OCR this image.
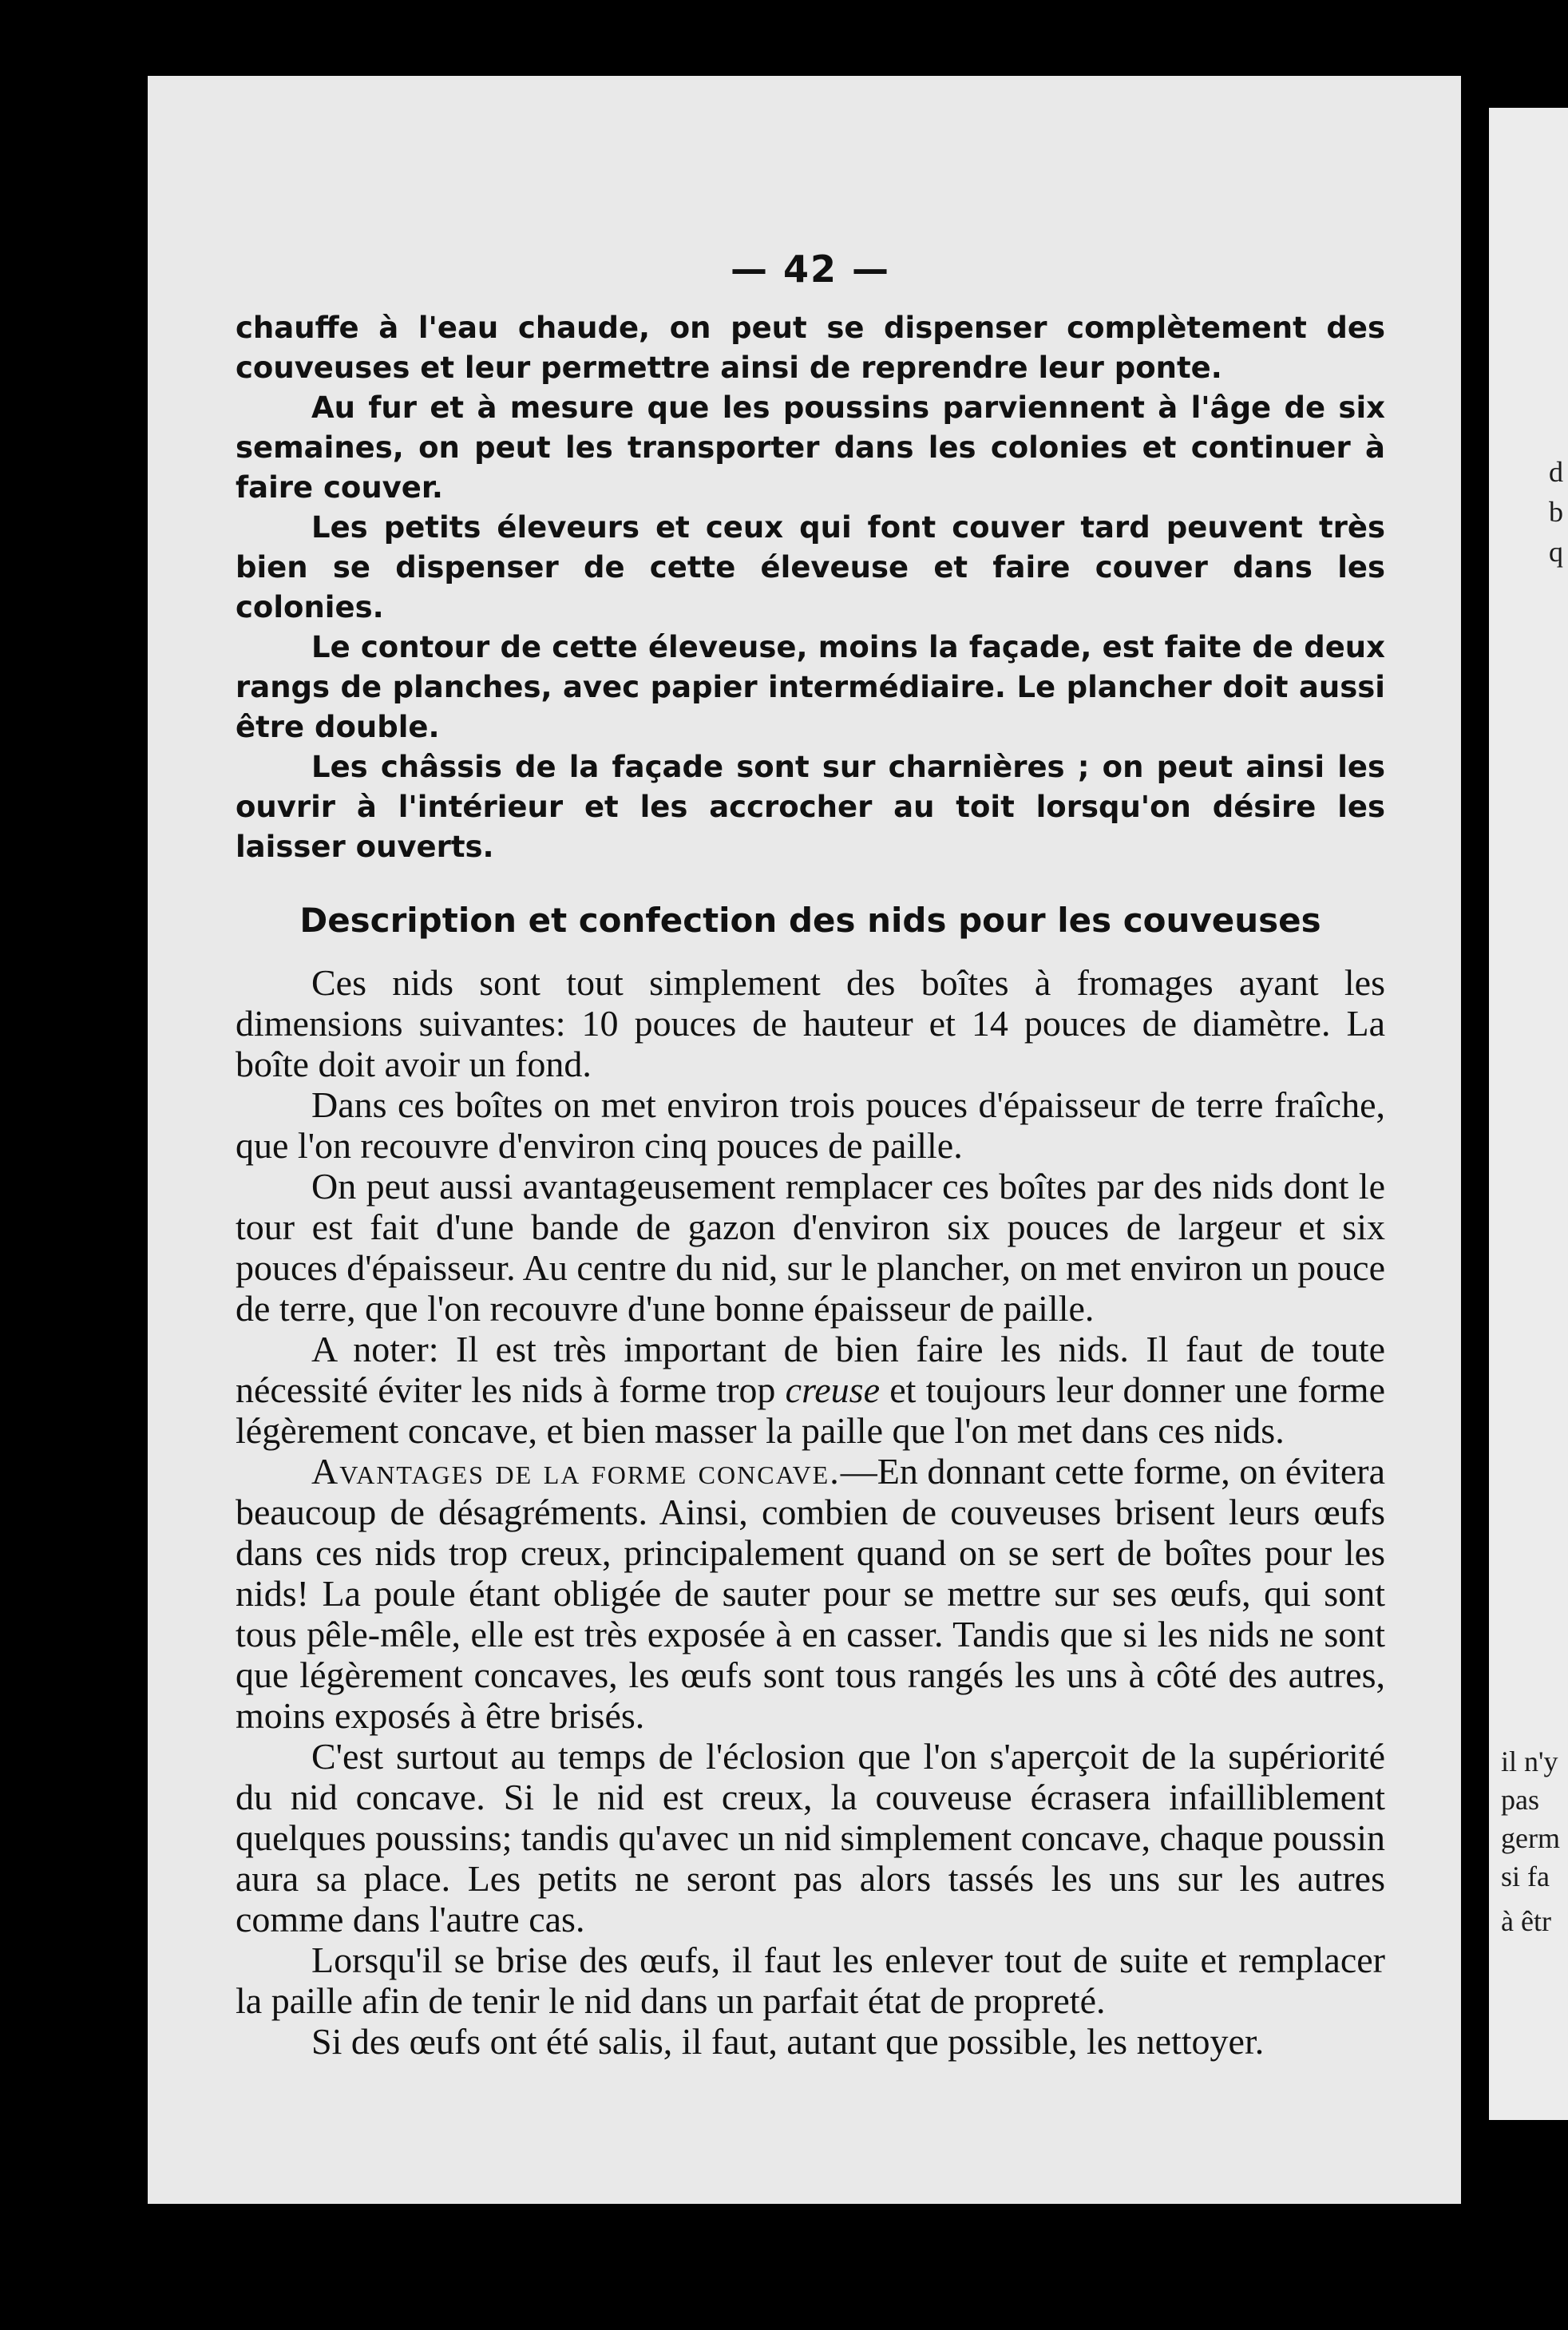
— 42 —

chauffe à l'eau chaude, on peut se dispenser complètement des couveuses et leur permettre ainsi de reprendre leur ponte.

Au fur et à mesure que les poussins parviennent à l'âge de six semaines, on peut les transporter dans les colonies et continuer à faire couver.

Les petits éleveurs et ceux qui font couver tard peuvent très bien se dispenser de cette éleveuse et faire couver dans les colonies.

Le contour de cette éleveuse, moins la façade, est faite de deux rangs de planches, avec papier intermédiaire. Le plancher doit aussi être double.

Les châssis de la façade sont sur charnières ; on peut ainsi les ouvrir à l'intérieur et les accrocher au toit lorsqu'on désire les laisser ouverts.

Description et confection des nids pour les couveuses

Ces nids sont tout simplement des boîtes à fromages ayant les dimensions suivantes: 10 pouces de hauteur et 14 pouces de diamètre. La boîte doit avoir un fond.

Dans ces boîtes on met environ trois pouces d'épaisseur de terre fraîche, que l'on recouvre d'environ cinq pouces de paille.

On peut aussi avantageusement remplacer ces boîtes par des nids dont le tour est fait d'une bande de gazon d'environ six pouces de largeur et six pouces d'épaisseur. Au centre du nid, sur le plancher, on met environ un pouce de terre, que l'on recouvre d'une bonne épaisseur de paille.

A noter: Il est très important de bien faire les nids. Il faut de toute nécessité éviter les nids à forme trop creuse et toujours leur donner une forme légèrement concave, et bien masser la paille que l'on met dans ces nids.

Avantages de la forme concave.—En donnant cette forme, on évitera beaucoup de désagréments. Ainsi, combien de couveuses brisent leurs œufs dans ces nids trop creux, principalement quand on se sert de boîtes pour les nids! La poule étant obligée de sauter pour se mettre sur ses œufs, qui sont tous pêle-mêle, elle est très exposée à en casser. Tandis que si les nids ne sont que légèrement concaves, les œufs sont tous rangés les uns à côté des autres, moins exposés à être brisés.

C'est surtout au temps de l'éclosion que l'on s'aperçoit de la supériorité du nid concave. Si le nid est creux, la couveuse écrasera infailliblement quelques poussins; tandis qu'avec un nid simplement concave, chaque poussin aura sa place. Les petits ne seront pas alors tassés les uns sur les autres comme dans l'autre cas.

Lorsqu'il se brise des œufs, il faut les enlever tout de suite et remplacer la paille afin de tenir le nid dans un parfait état de propreté.

Si des œufs ont été salis, il faut, autant que possible, les nettoyer.

d
b
q
il n'y
pas
germ
si fa
à êtr
